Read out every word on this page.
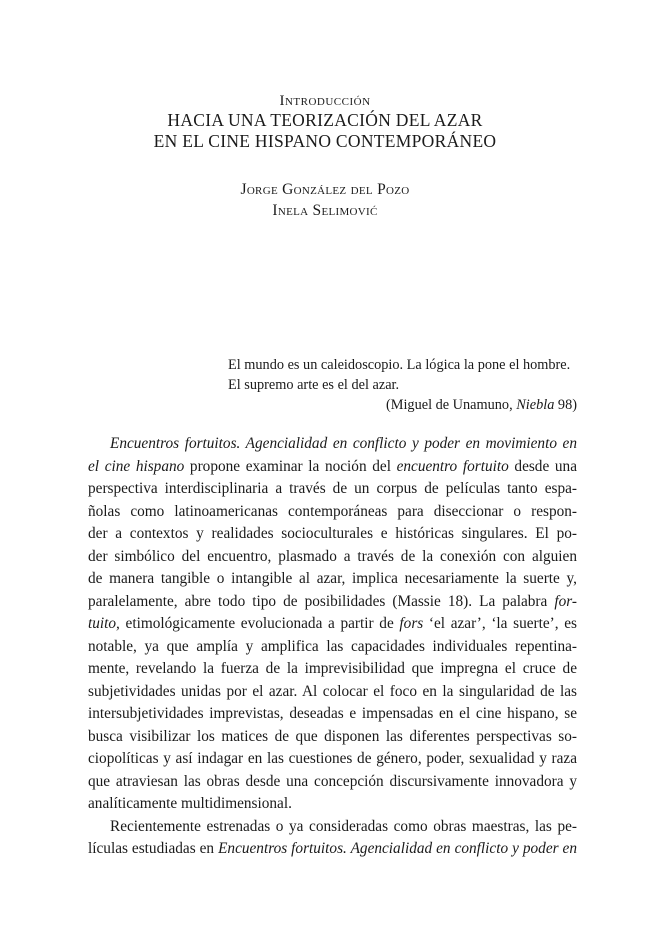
Introducción
HACIA UNA TEORIZACIÓN DEL AZAR
EN EL CINE HISPANO CONTEMPORÁNEO
Jorge González del Pozo
Inela Selimović
El mundo es un caleidoscopio. La lógica la pone el hombre.
El supremo arte es el del azar.
(Miguel de Unamuno, Niebla 98)

Encuentros fortuitos. Agencialidad en conflicto y poder en movimiento en
el cine hispano propone examinar la noción del encuentro fortuito desde una
perspectiva interdisciplinaria a través de un corpus de películas tanto espa-
ñolas como latinoamericanas contemporáneas para diseccionar o respon-
der a contextos y realidades socioculturales e históricas singulares. El po-
der simbólico del encuentro, plasmado a través de la conexión con alguien
de manera tangible o intangible al azar, implica necesariamente la suerte y,
paralelamente, abre todo tipo de posibilidades (Massie 18). La palabra for-
tuito, etimológicamente evolucionada a partir de fors ‘el azar’, ‘la suerte’, es
notable, ya que amplía y amplifica las capacidades individuales repentina-
mente, revelando la fuerza de la imprevisibilidad que impregna el cruce de
subjetividades unidas por el azar. Al colocar el foco en la singularidad de las
intersubjetividades imprevistas, deseadas e impensadas en el cine hispano, se
busca visibilizar los matices de que disponen las diferentes perspectivas so-
ciopolíticas y así indagar en las cuestiones de género, poder, sexualidad y raza
que atraviesan las obras desde una concepción discursivamente innovadora y
analíticamente multidimensional.

Recientemente estrenadas o ya consideradas como obras maestras, las pe-
lículas estudiadas en Encuentros fortuitos. Agencialidad en conflicto y poder en
